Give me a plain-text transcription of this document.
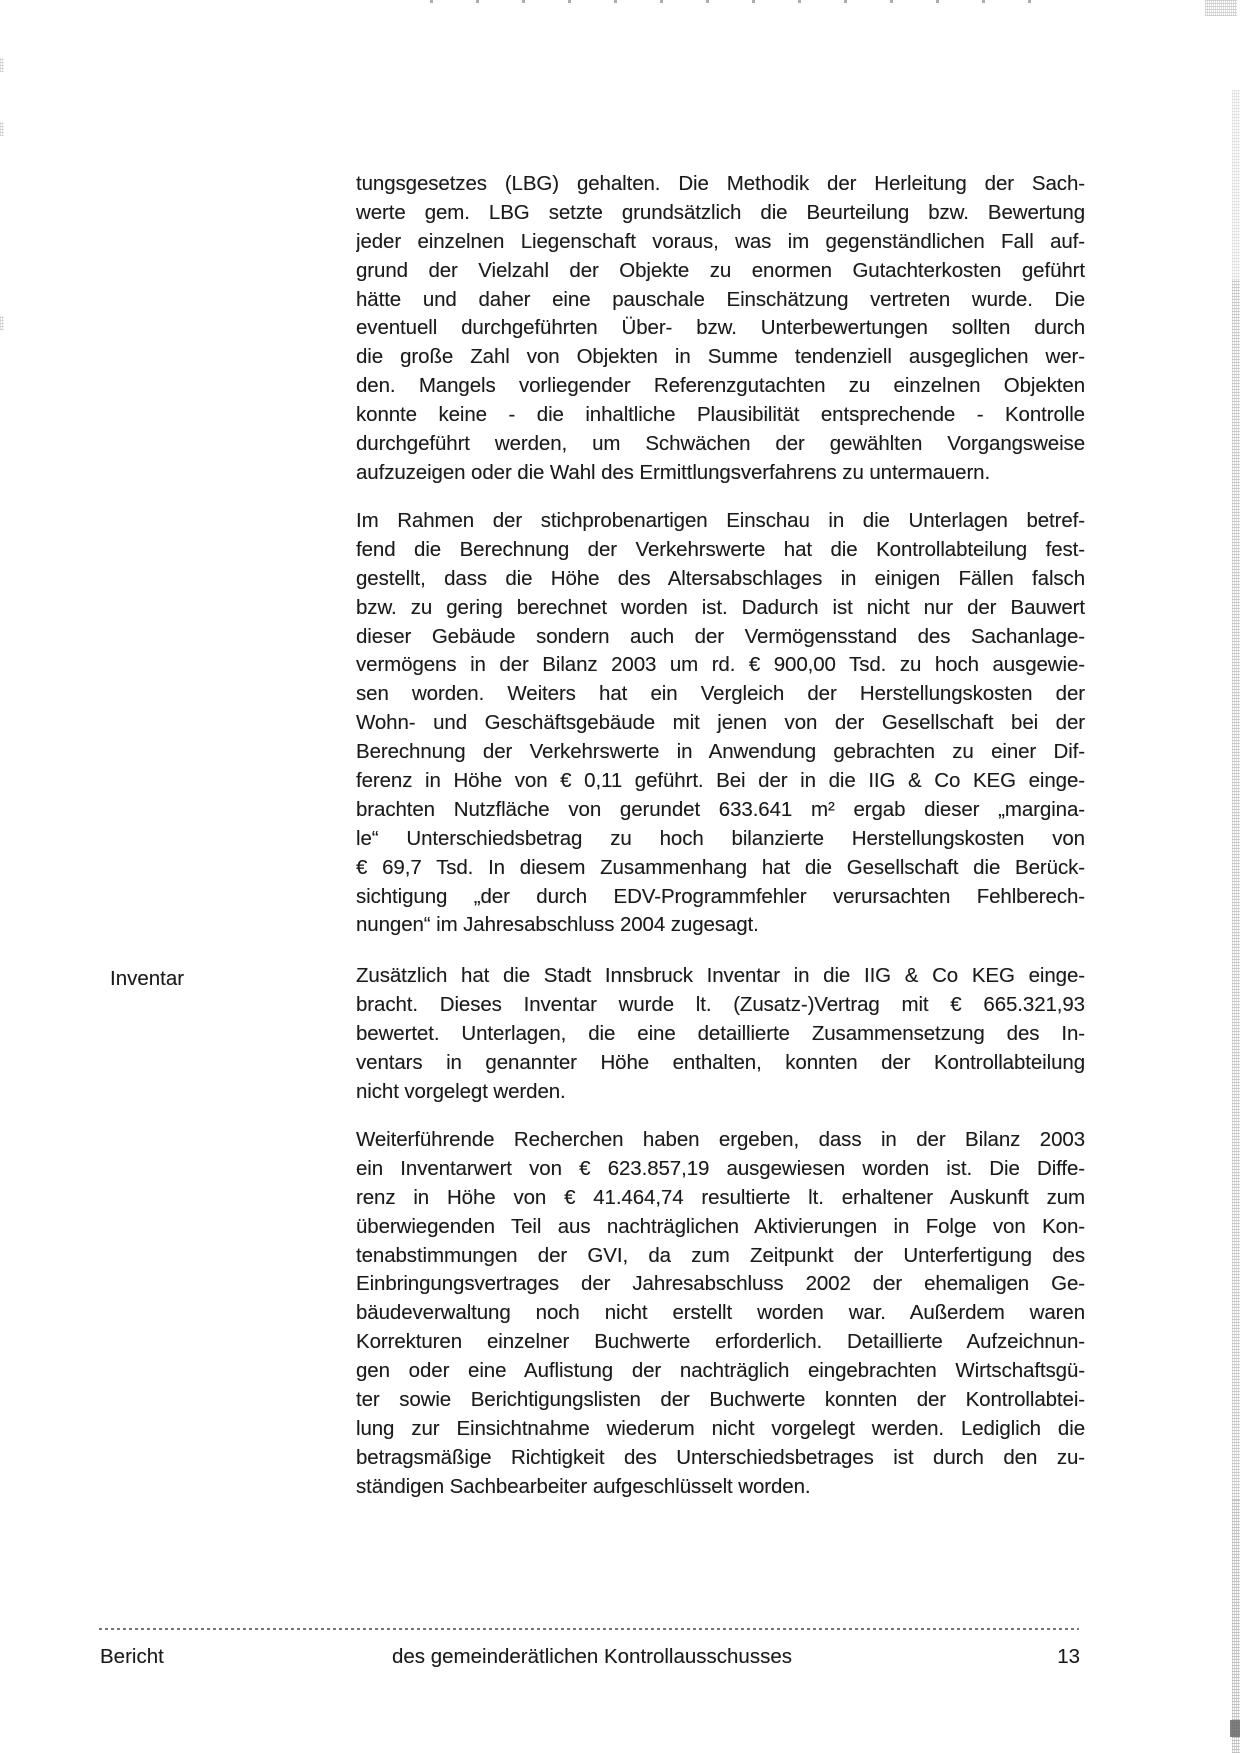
Inventar
tungsgesetzes (LBG) gehalten. Die Methodik der Herleitung der Sach-
werte gem. LBG setzte grundsätzlich die Beurteilung bzw. Bewertung
jeder einzelnen Liegenschaft voraus, was im gegenständlichen Fall auf-
grund der Vielzahl der Objekte zu enormen Gutachterkosten geführt
hätte und daher eine pauschale Einschätzung vertreten wurde. Die
eventuell durchgeführten Über- bzw. Unterbewertungen sollten durch
die große Zahl von Objekten in Summe tendenziell ausgeglichen wer-
den. Mangels vorliegender Referenzgutachten zu einzelnen Objekten
konnte keine - die inhaltliche Plausibilität entsprechende - Kontrolle
durchgeführt werden, um Schwächen der gewählten Vorgangsweise
aufzuzeigen oder die Wahl des Ermittlungsverfahrens zu untermauern.
Im Rahmen der stichprobenartigen Einschau in die Unterlagen betref-
fend die Berechnung der Verkehrswerte hat die Kontrollabteilung fest-
gestellt, dass die Höhe des Altersabschlages in einigen Fällen falsch
bzw. zu gering berechnet worden ist. Dadurch ist nicht nur der Bauwert
dieser Gebäude sondern auch der Vermögensstand des Sachanlage-
vermögens in der Bilanz 2003 um rd. € 900,00 Tsd. zu hoch ausgewie-
sen worden. Weiters hat ein Vergleich der Herstellungskosten der
Wohn- und Geschäftsgebäude mit jenen von der Gesellschaft bei der
Berechnung der Verkehrswerte in Anwendung gebrachten zu einer Dif-
ferenz in Höhe von € 0,11 geführt. Bei der in die IIG & Co KEG einge-
brachten Nutzfläche von gerundet 633.641 m² ergab dieser „margina-
le“ Unterschiedsbetrag zu hoch bilanzierte Herstellungskosten von
€ 69,7 Tsd. In diesem Zusammenhang hat die Gesellschaft die Berück-
sichtigung „der durch EDV-Programmfehler verursachten Fehlberech-
nungen“ im Jahresabschluss 2004 zugesagt.
Zusätzlich hat die Stadt Innsbruck Inventar in die IIG & Co KEG einge-
bracht. Dieses Inventar wurde lt. (Zusatz-)Vertrag mit € 665.321,93
bewertet. Unterlagen, die eine detaillierte Zusammensetzung des In-
ventars in genannter Höhe enthalten, konnten der Kontrollabteilung
nicht vorgelegt werden.
Weiterführende Recherchen haben ergeben, dass in der Bilanz 2003
ein Inventarwert von € 623.857,19 ausgewiesen worden ist. Die Diffe-
renz in Höhe von € 41.464,74 resultierte lt. erhaltener Auskunft zum
überwiegenden Teil aus nachträglichen Aktivierungen in Folge von Kon-
tenabstimmungen der GVI, da zum Zeitpunkt der Unterfertigung des
Einbringungsvertrages der Jahresabschluss 2002 der ehemaligen Ge-
bäudeverwaltung noch nicht erstellt worden war. Außerdem waren
Korrekturen einzelner Buchwerte erforderlich. Detaillierte Aufzeichnun-
gen oder eine Auflistung der nachträglich eingebrachten Wirtschaftsgü-
ter sowie Berichtigungslisten der Buchwerte konnten der Kontrollabtei-
lung zur Einsichtnahme wiederum nicht vorgelegt werden. Lediglich die
betragsmäßige Richtigkeit des Unterschiedsbetrages ist durch den zu-
ständigen Sachbearbeiter aufgeschlüsselt worden.
Bericht	des gemeinderätlichen Kontrollausschusses	13
